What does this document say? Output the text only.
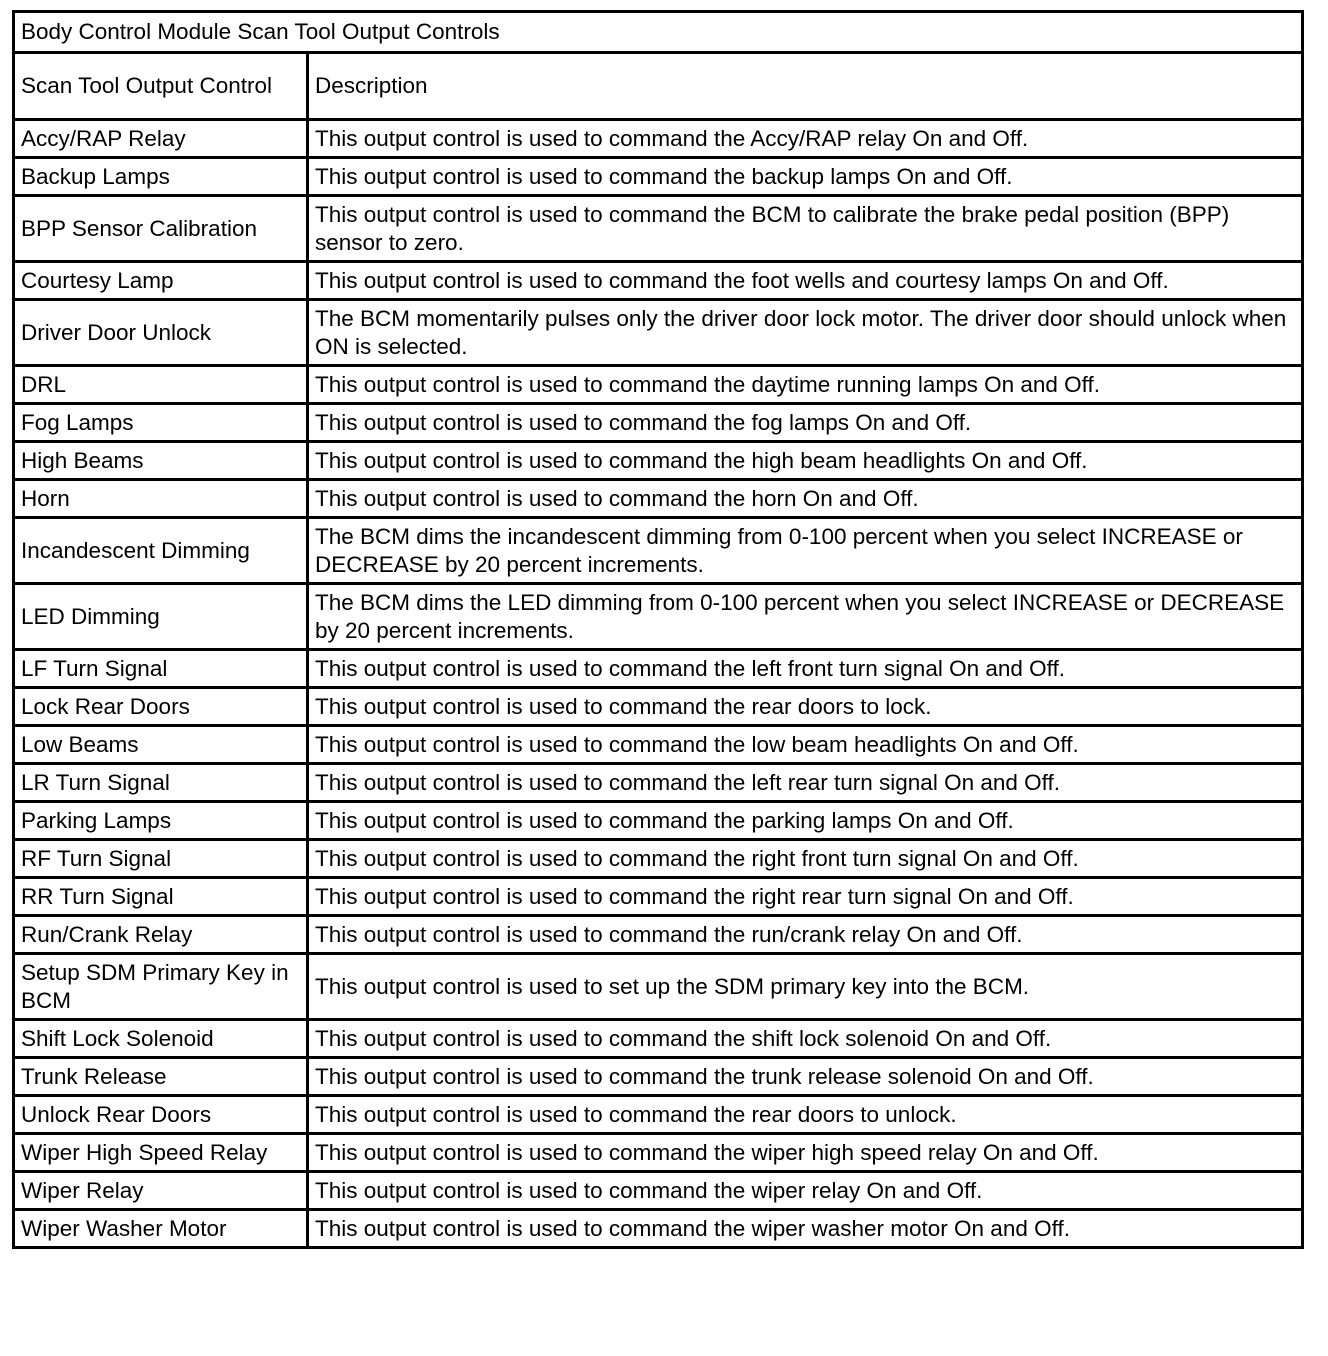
Body Control Module Scan Tool Output Controls	
Scan Tool Output Control	Description
Accy/RAP Relay	This output control is used to command the Accy/RAP relay On and Off.
Backup Lamps	This output control is used to command the backup lamps On and Off.
BPP Sensor Calibration	This output control is used to command the BCM to calibrate the brake pedal position (BPP) sensor to zero.
Courtesy Lamp	This output control is used to command the foot wells and courtesy lamps On and Off.
Driver Door Unlock	The BCM momentarily pulses only the driver door lock motor. The driver door should unlock when ON is selected.
DRL	This output control is used to command the daytime running lamps On and Off.
Fog Lamps	This output control is used to command the fog lamps On and Off.
High Beams	This output control is used to command the high beam headlights On and Off.
Horn	This output control is used to command the horn On and Off.
Incandescent Dimming	The BCM dims the incandescent dimming from 0-100 percent when you select INCREASE or DECREASE by 20 percent increments.
LED Dimming	The BCM dims the LED dimming from 0-100 percent when you select INCREASE or DECREASE by 20 percent increments.
LF Turn Signal	This output control is used to command the left front turn signal On and Off.
Lock Rear Doors	This output control is used to command the rear doors to lock.
Low Beams	This output control is used to command the low beam headlights On and Off.
LR Turn Signal	This output control is used to command the left rear turn signal On and Off.
Parking Lamps	This output control is used to command the parking lamps On and Off.
RF Turn Signal	This output control is used to command the right front turn signal On and Off.
RR Turn Signal	This output control is used to command the right rear turn signal On and Off.
Run/Crank Relay	This output control is used to command the run/crank relay On and Off.
Setup SDM Primary Key in BCM	This output control is used to set up the SDM primary key into the BCM.
Shift Lock Solenoid	This output control is used to command the shift lock solenoid On and Off.
Trunk Release	This output control is used to command the trunk release solenoid On and Off.
Unlock Rear Doors	This output control is used to command the rear doors to unlock.
Wiper High Speed Relay	This output control is used to command the wiper high speed relay On and Off.
Wiper Relay	This output control is used to command the wiper relay On and Off.
Wiper Washer Motor	This output control is used to command the wiper washer motor On and Off.
